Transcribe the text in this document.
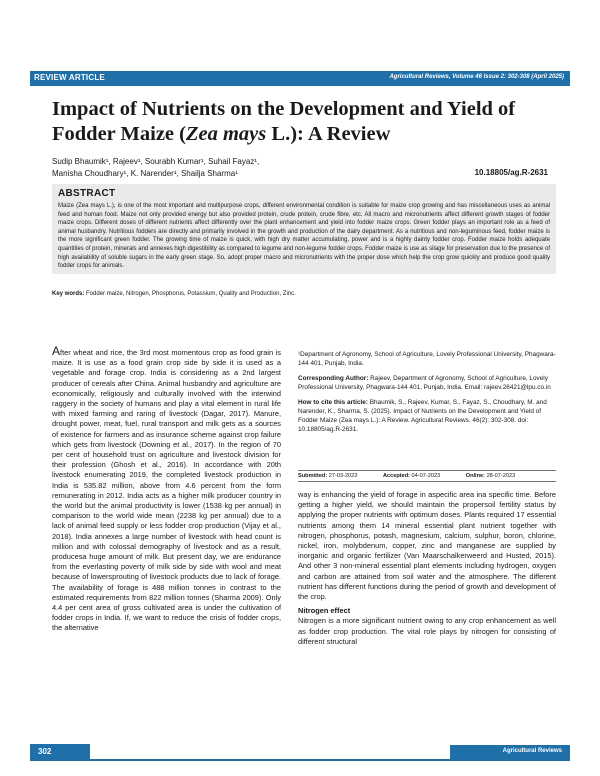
REVIEW ARTICLE	Agricultural Reviews, Volume 46 Issue 2: 302-308 (April 2025)
Impact of Nutrients on the Development and Yield of Fodder Maize (Zea mays L.): A Review
Sudip Bhaumik¹, Rajeev¹, Sourabh Kumar¹, Suhail Fayaz¹,
Manisha Choudhary¹, K. Narender¹, Shailja Sharma¹	10.18805/ag.R-2631
ABSTRACT
Maize (Zea mays L.), is one of the most important and multipurpose crops, different environmental condition is suitable for maize crop growing and has miscellaneous uses as animal feed and human food. Maize not only provided energy but also provided protein, crude protein, crude fibre, etc. All macro and micronutrients affect different growth stages of fodder maize crops. Different doses of different nutrients affect differently over the plant enhancement and yield into fodder maize crops. Green fodder plays an important role as a feed of animal husbandry. Nutritious fodders are directly and primarily involved in the growth and production of the dairy department. As a nutritious and non-leguminous feed, fodder maize is the more significant green fodder. The growing time of maize is quick, with high dry matter accumulating, power and is a highly dainty fodder crop. Fodder maize holds adequate quantities of protein, minerals and annexes high digestibility as compared to legume and non-legume fodder crops. Fodder maize is use as silage for preservation due to the presence of high availability of soluble sugars in the early green stage. So, adopt proper macro and micronutrients with the proper dose which help the crop grow quickly and produce good quality fodder crops for animals.
Key words: Fodder maize, Nitrogen, Phosphorus, Potassium, Quality and Production, Zinc.
After wheat and rice, the 3rd most momentous crop as food grain is maize. It is use as a food grain crop side by side it is used as a vegetable and forage crop. India is considering as a 2nd largest producer of cereals after China. Animal husbandry and agriculture are economically, religiously and culturally involved with the interwind raggery in the society of humans and play a vital element in rural life with mixed farming and raring of livestock (Dagar, 2017). Manure, drought power, meat, fuel, rural transport and milk gets as a sources of existence for farmers and as insurance scheme against crop failure which gets from livestock (Downing et al., 2017). In the region of 70 per cent of household trust on agriculture and livestock division for their profession (Ghosh et al., 2016). In accordance with 20th livestock enumerating 2019, the completed livestock production in India is 535.82 million, above from 4.6 percent from the form remunerating in 2012. India acts as a higher milk producer country in the world but the animal productivity is lower (1538 kg per annual) in comparison to the world wide mean (2238 kg per annual) due to a lack of animal feed supply or less fodder crop production (Vijay et al., 2018). India annexes a large number of livestock with head count is million and with colossal demography of livestock and as a result, producesa huge amount of milk. But present day, we are endurance from the everlasting poverty of milk side by side with wool and meat because of lowersprouting of livestock products due to lack of forage. The availability of forage is 488 million tonnes in contrast to the estimated requirements from 822 million tonnes (Sharma 2009). Only 4.4 per cent area of gross cultivated area is under the cultivation of fodder crops in India. If, we want to reduce the crisis of fodder crops, the alternative

¹Department of Agronomy, School of Agriculture, Lovely Professional University, Phagwara-144 401, Punjab, India.

Corresponding Author: Rajeev, Department of Agronomy, School of Agriculture, Lovely Professional University, Phagwara-144 401, Punjab, India. Email: rajeev.26421@lpu.co.in

How to cite this article: Bhaumik, S., Rajeev, Kumar, S., Fayaz, S., Choudhary, M. and Narender, K., Sharma, S. (2025). Impact of Nutrients on the Development and Yield of Fodder Maize (Zea mays L.): A Review. Agricultural Reviews. 46(2): 302-308. doi: 10.18805/ag.R-2631.

Submitted: 27-03-2023	Accepted: 04-07-2023	Online: 28-07-2023

way is enhancing the yield of forage in aspecific area ina specific time. Before getting a higher yield, we should maintain the propersoil fertility status by applying the proper nutrients with optimum doses. Plants required 17 essential nutrients among them 14 mineral essential plant nutrient together with nitrogen, phosphorus, potash, magnesium, calcium, sulphur, boron, chlorine, nickel, iron, molybdenum, copper, zinc and manganese are supplied by inorganic and organic fertilizer (Van Maarschalkerweerd and Husted, 2015). And other 3 non-mineral essential plant elements including hydrogen, oxygen and carbon are attained from soil water and the atmosphere. The different nutrient has different functions during the period of growth and development of the crop.

Nitrogen effect

Nitrogen is a more significant nutrient owing to any crop enhancement as well as fodder crop production. The vital role plays by nitrogen for consisting of different structural

302	Agricultural Reviews
